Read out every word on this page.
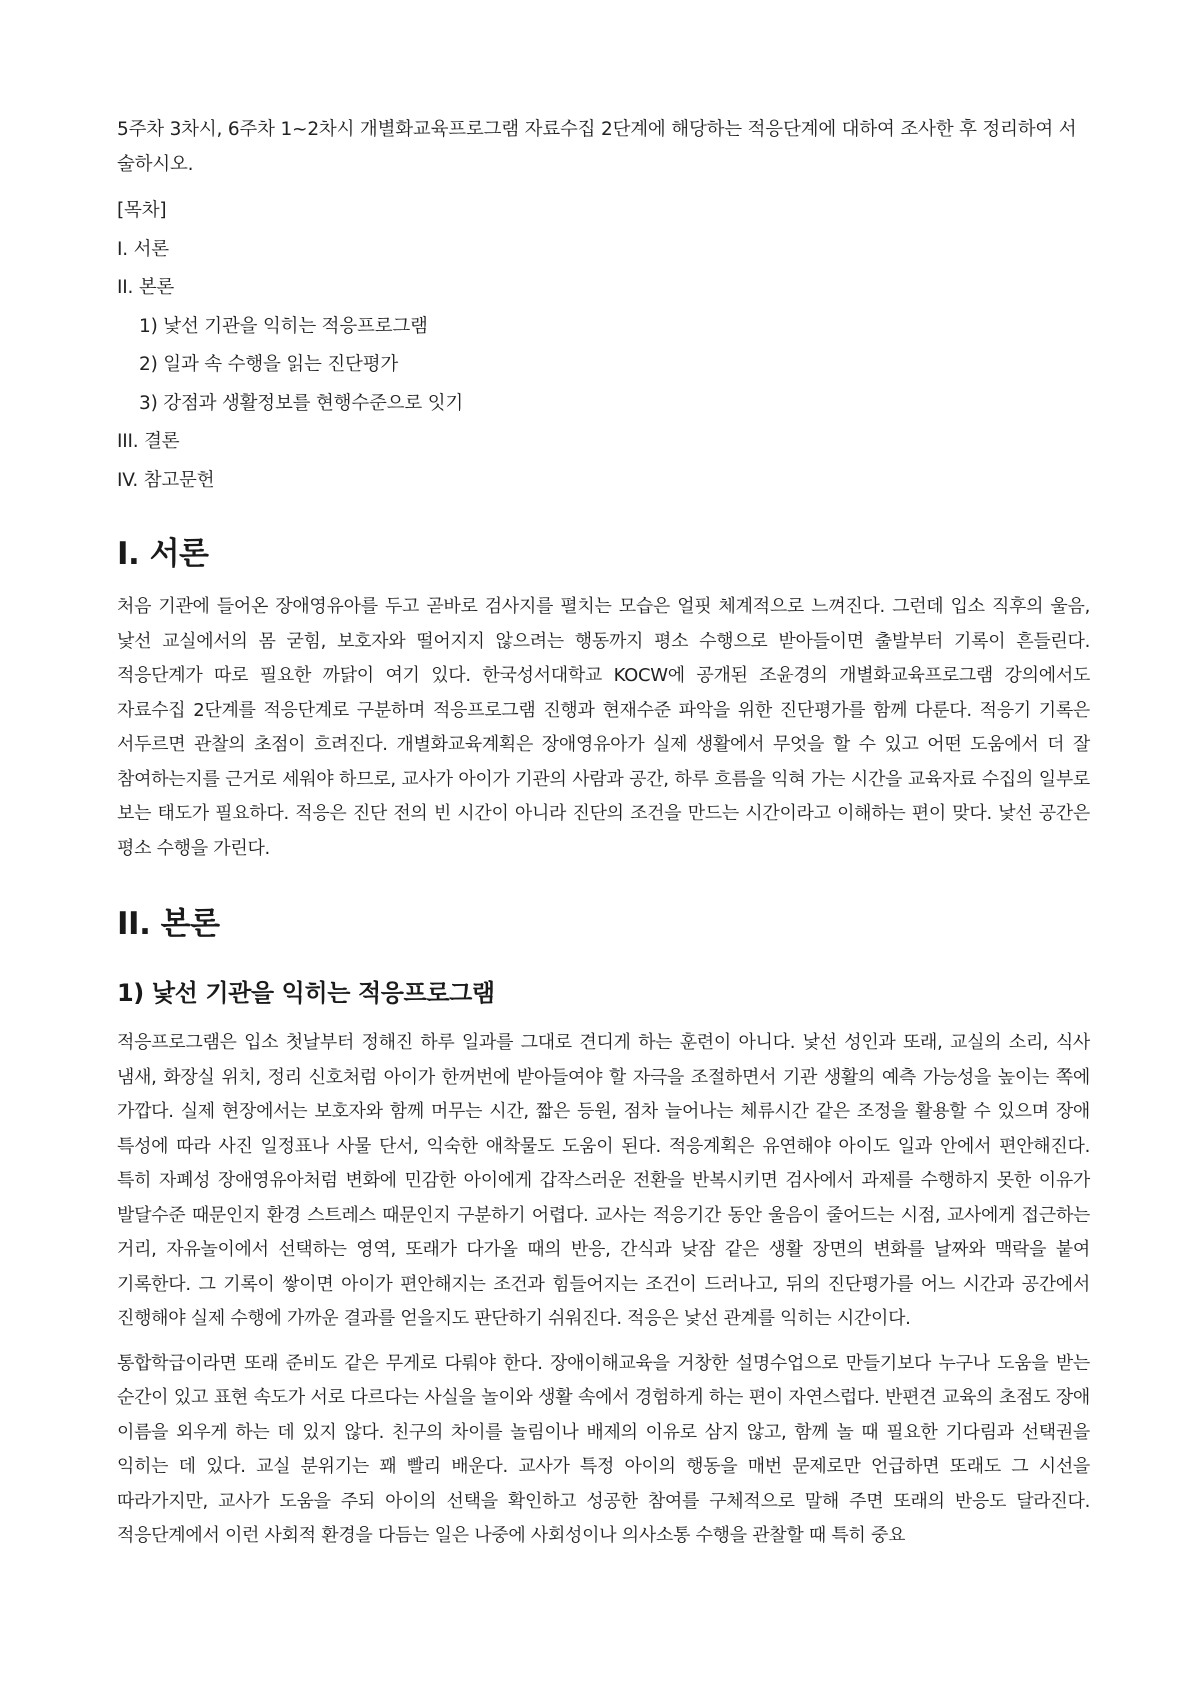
5주차 3차시, 6주차 1~2차시 개별화교육프로그램 자료수집 2단계에 해당하는 적응단계에 대하여 조사한 후 정리하여 서술하시오.

[목차]
I. 서론
II. 본론
1) 낯선 기관을 익히는 적응프로그램
2) 일과 속 수행을 읽는 진단평가
3) 강점과 생활정보를 현행수준으로 잇기
III. 결론
IV. 참고문헌
I. 서론

처음 기관에 들어온 장애영유아를 두고 곧바로 검사지를 펼치는 모습은 얼핏 체계적으로 느껴진다. 그런데 입소 직후의 울음, 낯선 교실에서의 몸 굳힘, 보호자와 떨어지지 않으려는 행동까지 평소 수행으로 받아들이면 출발부터 기록이 흔들린다. 적응단계가 따로 필요한 까닭이 여기 있다. 한국성서대학교 KOCW에 공개된 조윤경의 개별화교육프로그램 강의에서도 자료수집 2단계를 적응단계로 구분하며 적응프로그램 진행과 현재수준 파악을 위한 진단평가를 함께 다룬다. 적응기 기록은 서두르면 관찰의 초점이 흐려진다. 개별화교육계획은 장애영유아가 실제 생활에서 무엇을 할 수 있고 어떤 도움에서 더 잘 참여하는지를 근거로 세워야 하므로, 교사가 아이가 기관의 사람과 공간, 하루 흐름을 익혀 가는 시간을 교육자료 수집의 일부로 보는 태도가 필요하다. 적응은 진단 전의 빈 시간이 아니라 진단의 조건을 만드는 시간이라고 이해하는 편이 맞다. 낯선 공간은 평소 수행을 가린다.

II. 본론
1) 낯선 기관을 익히는 적응프로그램

적응프로그램은 입소 첫날부터 정해진 하루 일과를 그대로 견디게 하는 훈련이 아니다. 낯선 성인과 또래, 교실의 소리, 식사 냄새, 화장실 위치, 정리 신호처럼 아이가 한꺼번에 받아들여야 할 자극을 조절하면서 기관 생활의 예측 가능성을 높이는 쪽에 가깝다. 실제 현장에서는 보호자와 함께 머무는 시간, 짧은 등원, 점차 늘어나는 체류시간 같은 조정을 활용할 수 있으며 장애 특성에 따라 사진 일정표나 사물 단서, 익숙한 애착물도 도움이 된다. 적응계획은 유연해야 아이도 일과 안에서 편안해진다. 특히 자폐성 장애영유아처럼 변화에 민감한 아이에게 갑작스러운 전환을 반복시키면 검사에서 과제를 수행하지 못한 이유가 발달수준 때문인지 환경 스트레스 때문인지 구분하기 어렵다. 교사는 적응기간 동안 울음이 줄어드는 시점, 교사에게 접근하는 거리, 자유놀이에서 선택하는 영역, 또래가 다가올 때의 반응, 간식과 낮잠 같은 생활 장면의 변화를 날짜와 맥락을 붙여 기록한다. 그 기록이 쌓이면 아이가 편안해지는 조건과 힘들어지는 조건이 드러나고, 뒤의 진단평가를 어느 시간과 공간에서 진행해야 실제 수행에 가까운 결과를 얻을지도 판단하기 쉬워진다. 적응은 낯선 관계를 익히는 시간이다.

통합학급이라면 또래 준비도 같은 무게로 다뤄야 한다. 장애이해교육을 거창한 설명수업으로 만들기보다 누구나 도움을 받는 순간이 있고 표현 속도가 서로 다르다는 사실을 놀이와 생활 속에서 경험하게 하는 편이 자연스럽다. 반편견 교육의 초점도 장애 이름을 외우게 하는 데 있지 않다. 친구의 차이를 놀림이나 배제의 이유로 삼지 않고, 함께 놀 때 필요한 기다림과 선택권을 익히는 데 있다. 교실 분위기는 꽤 빨리 배운다. 교사가 특정 아이의 행동을 매번 문제로만 언급하면 또래도 그 시선을 따라가지만, 교사가 도움을 주되 아이의 선택을 확인하고 성공한 참여를 구체적으로 말해 주면 또래의 반응도 달라진다. 적응단계에서 이런 사회적 환경을 다듬는 일은 나중에 사회성이나 의사소통 수행을 관찰할 때 특히 중요
